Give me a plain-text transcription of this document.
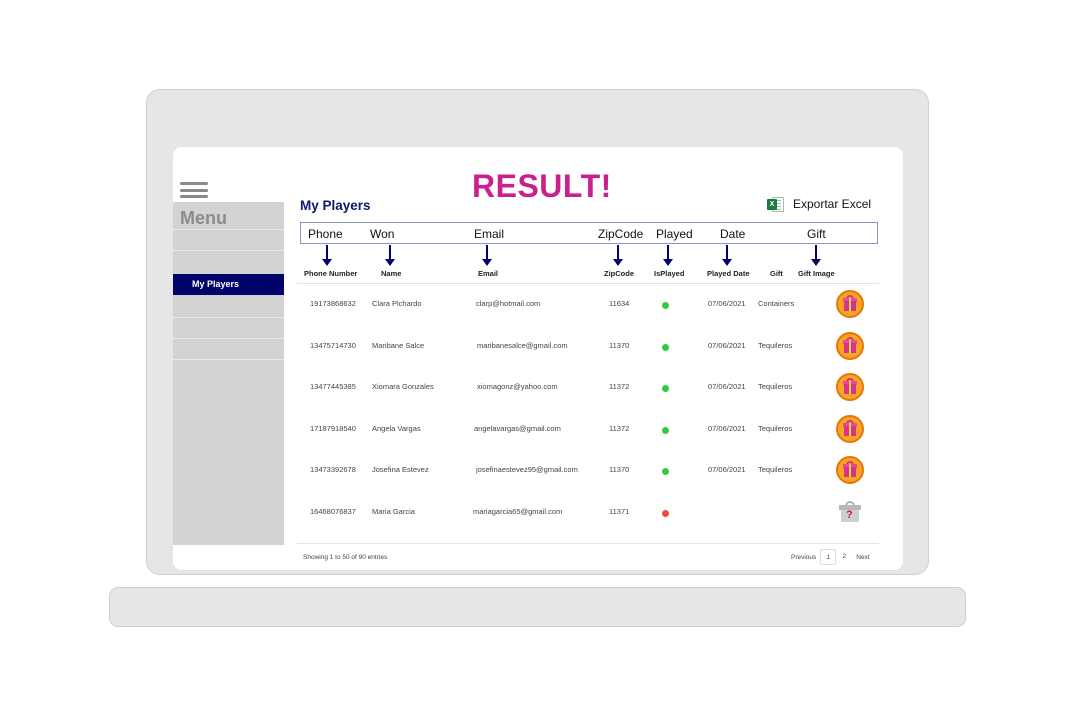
My Players
Menu
RESULT!
My Players	X Exportar Excel
Phone Won	Email	ZipCode Played Date	Gift
Phone Number	Name	Email	ZipCode	IsPlayed	Played Date	Gift Gift Image
19173868632 Clara Plchardo	clarp@hotmail.com	11634	07/06/2021 Containers
13475714730 Maribane Salce	maribanesalce@gmail.com	11370	07/06/2021 Tequileros
13477445385 Xiomara Gonzales	xiomagonz@yahoo.com	11372	07/06/2021 Tequileros
17187918540 Angela Vargas	angelavargas@gmail.com	11372	07/06/2021 Tequileros
13473392678 Josefina Estevez	josefinaestevez95@gmail.com	11370	07/06/2021 Tequileros
16468076837 Maria Garcia	mariagarcia65@gmail.com	11371	?
Showing 1 to 50 of 90 entries	Previous	1	2	Next
